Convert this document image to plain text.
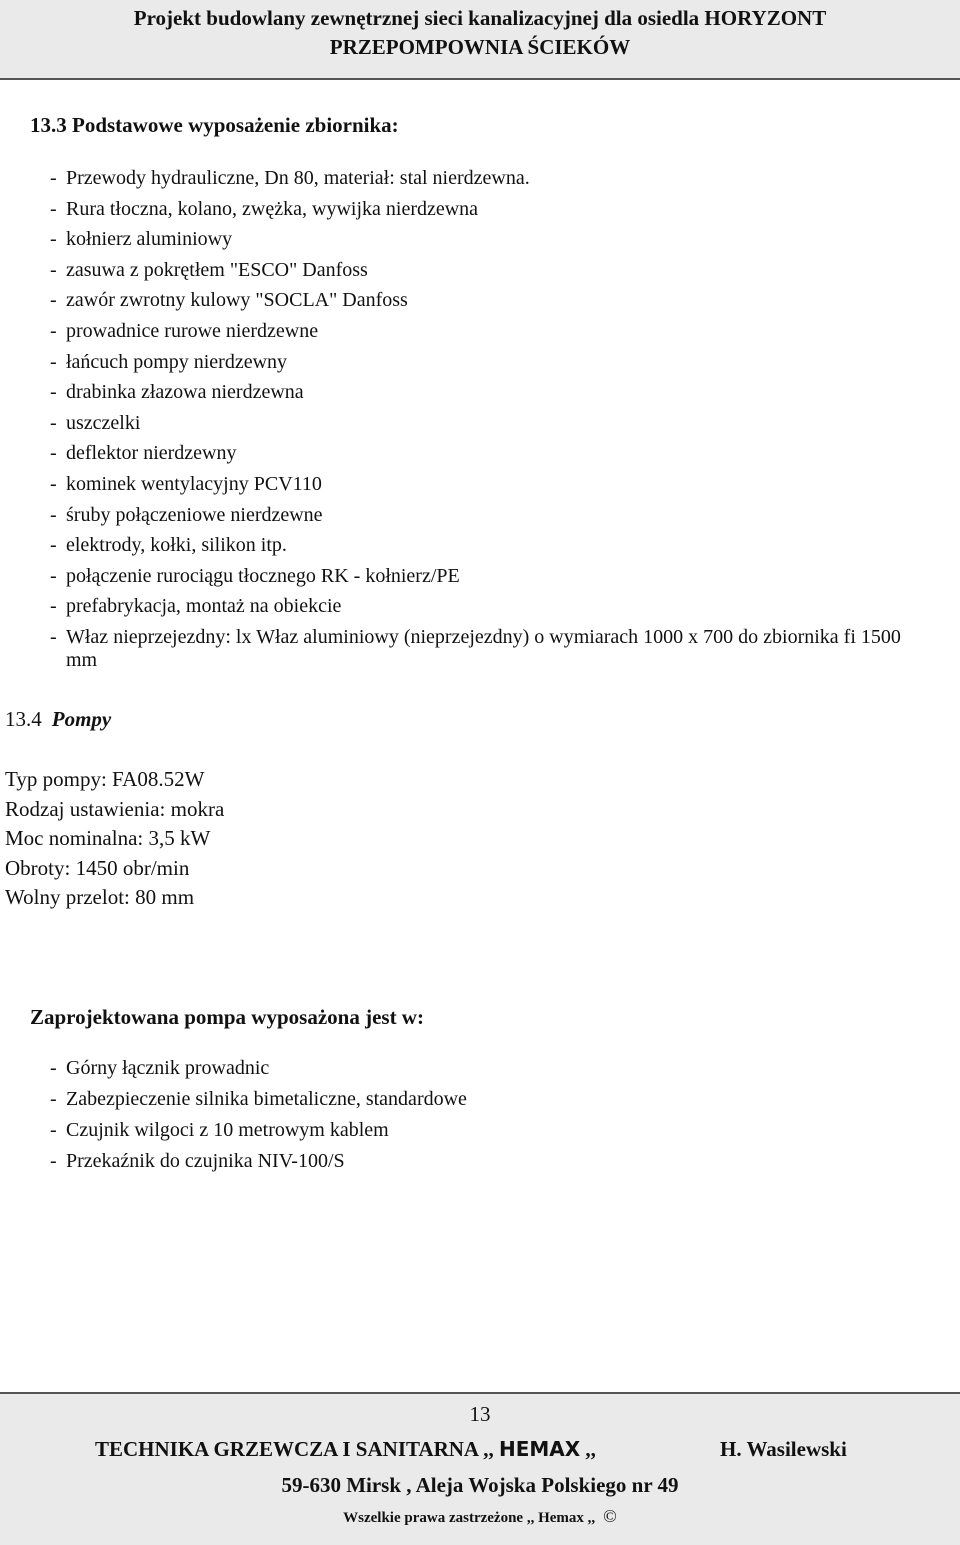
Projekt budowlany zewnętrznej sieci kanalizacyjnej dla osiedla HORYZONT
PRZEPOMPOWNIA ŚCIEKÓW
13.3 Podstawowe wyposażenie zbiornika:
- Przewody hydrauliczne, Dn 80, materiał: stal nierdzewna.
- Rura tłoczna, kolano, zwężka, wywijka nierdzewna
- kołnierz aluminiowy
- zasuwa z pokrętłem "ESCO" Danfoss
- zawór zwrotny kulowy "SOCLA" Danfoss
- prowadnice rurowe nierdzewne
- łańcuch pompy nierdzewny
- drabinka złazowa nierdzewna
- uszczelki
- deflektor nierdzewny
- kominek wentylacyjny PCV110
- śruby połączeniowe nierdzewne
- elektrody, kołki, silikon itp.
- połączenie rurociągu tłocznego RK - kołnierz/PE
- prefabrykacja, montaż na obiekcie
- Właz nieprzejezdny: lx Właz aluminiowy (nieprzejezdny) o wymiarach 1000 x 700 do zbiornika fi 1500 mm
13.4 Pompy
Typ pompy: FA08.52W
Rodzaj ustawienia: mokra
Moc nominalna: 3,5 kW
Obroty: 1450 obr/min
Wolny przelot: 80 mm
Zaprojektowana pompa wyposażona jest w:
- Górny łącznik prowadnic
- Zabezpieczenie silnika bimetaliczne, standardowe
- Czujnik wilgoci z 10 metrowym kablem
- Przekaźnik do czujnika NIV-100/S
13
TECHNIKA GRZEWCZA I SANITARNA ,, HEMAX ,,	H. Wasilewski
59-630 Mirsk , Aleja Wojska Polskiego nr 49
Wszelkie prawa zastrzeżone ,, Hemax ,, ©
